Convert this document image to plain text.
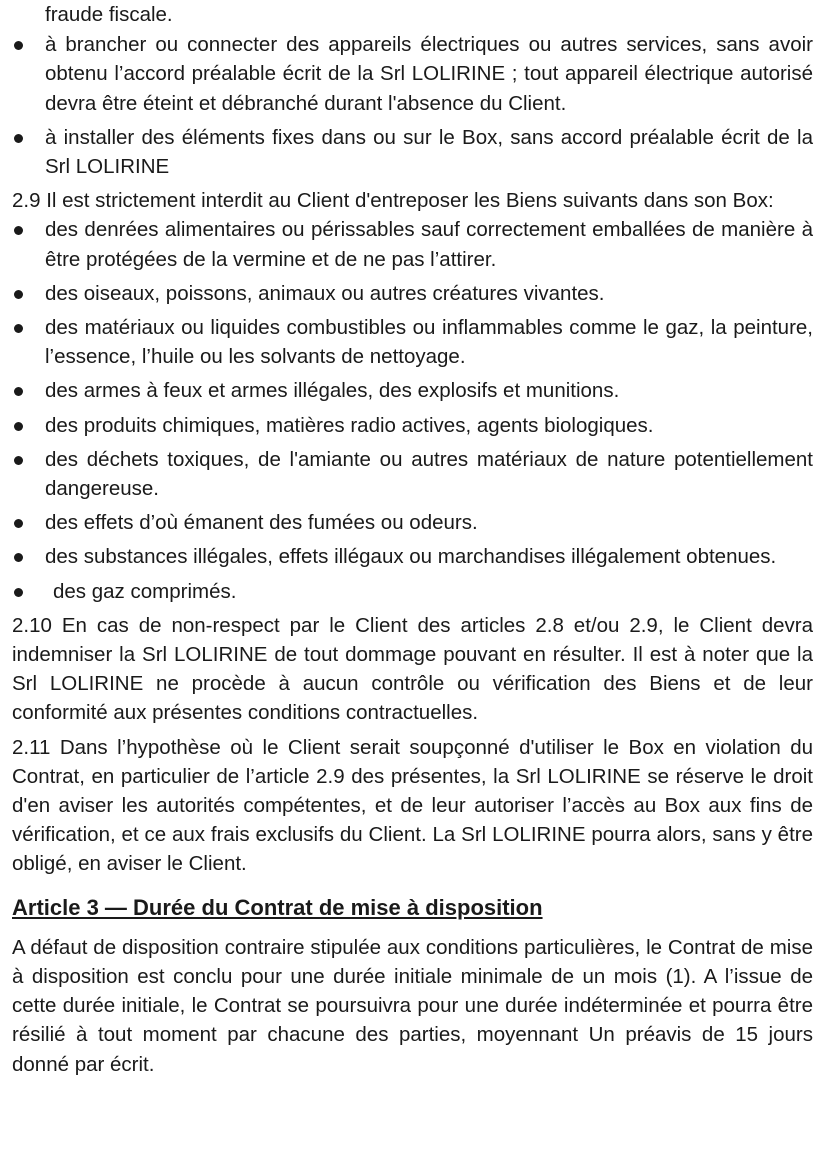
fraude fiscale.

à brancher ou connecter des appareils électriques ou autres services, sans avoir obtenu l’accord préalable écrit de la Srl LOLIRINE ; tout appareil électrique autorisé devra être éteint et débranché durant l'absence du Client.
à installer des éléments fixes dans ou sur le Box, sans accord préalable écrit de la Srl LOLIRINE

2.9 Il est strictement interdit au Client d'entreposer les Biens suivants dans son Box:

des denrées alimentaires ou périssables sauf correctement emballées de manière à être protégées de la vermine et de ne pas l’attirer.
des oiseaux, poissons, animaux ou autres créatures vivantes.
des matériaux ou liquides combustibles ou inflammables comme le gaz, la peinture, l’essence, l’huile ou les solvants de nettoyage.
des armes à feux et armes illégales, des explosifs et munitions.
des produits chimiques, matières radio actives, agents biologiques.
des déchets toxiques, de l'amiante ou autres matériaux de nature potentiellement dangereuse.
des effets d’où émanent des fumées ou odeurs.
des substances illégales, effets illégaux ou marchandises illégalement obtenues.
des gaz comprimés.

2.10 En cas de non-respect par le Client des articles 2.8 et/ou 2.9, le Client devra indemniser la Srl LOLIRINE de tout dommage pouvant en résulter. Il est à noter que la Srl LOLIRINE ne procède à aucun contrôle ou vérification des Biens et de leur conformité aux présentes conditions contractuelles.

2.11 Dans l’hypothèse où le Client serait soupçonné d'utiliser le Box en violation du Contrat, en particulier de l’article 2.9 des présentes, la Srl LOLIRINE se réserve le droit d'en aviser les autorités compétentes, et de leur autoriser l’accès au Box aux fins de vérification, et ce aux frais exclusifs du Client. La Srl LOLIRINE pourra alors, sans y être obligé, en aviser le Client.

Article 3 — Durée du Contrat de mise à disposition

A défaut de disposition contraire stipulée aux conditions particulières, le Contrat de mise à disposition est conclu pour une durée initiale minimale de un mois (1). A l’issue de cette durée initiale, le Contrat se poursuivra pour une durée indéterminée et pourra être résilié à tout moment par chacune des parties, moyennant Un préavis de 15 jours donné par écrit.
